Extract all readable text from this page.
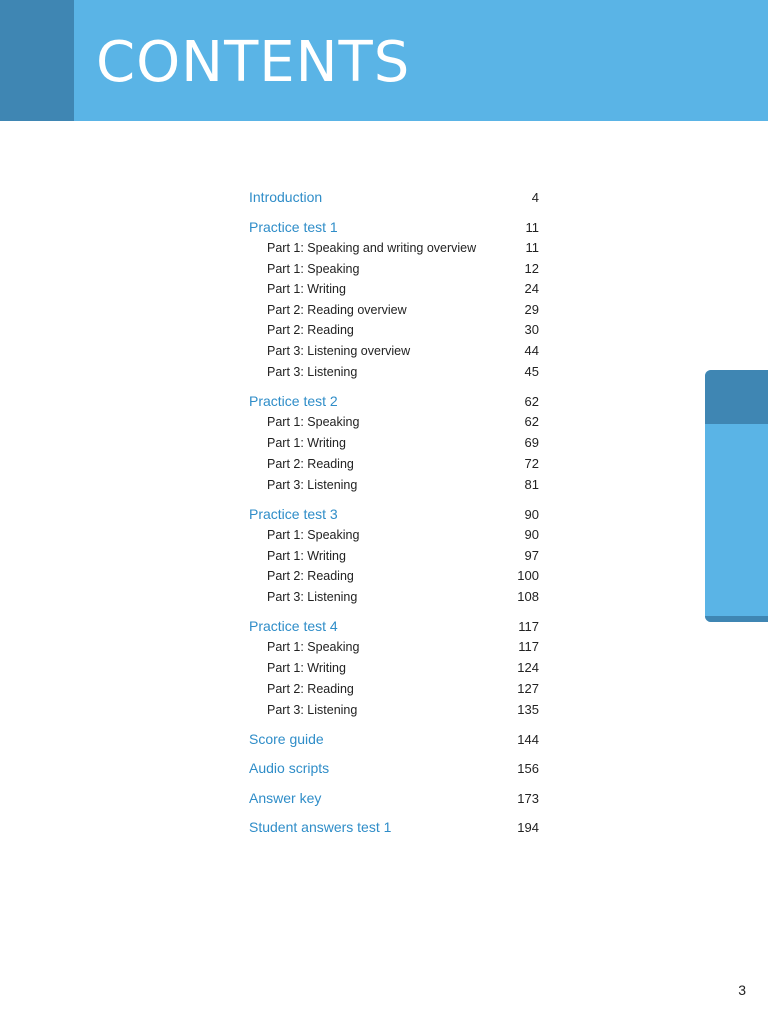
CONTENTS
Introduction	4
Practice test 1	11
Part 1: Speaking and writing overview	11
Part 1: Speaking	12
Part 1: Writing	24
Part 2: Reading overview	29
Part 2: Reading	30
Part 3: Listening overview	44
Part 3: Listening	45
Practice test 2	62
Part 1: Speaking	62
Part 1: Writing	69
Part 2: Reading	72
Part 3: Listening	81
Practice test 3	90
Part 1: Speaking	90
Part 1: Writing	97
Part 2: Reading	100
Part 3: Listening	108
Practice test 4	117
Part 1: Speaking	117
Part 1: Writing	124
Part 2: Reading	127
Part 3: Listening	135
Score guide	144
Audio scripts	156
Answer key	173
Student answers test 1	194
CONTENTS
3
